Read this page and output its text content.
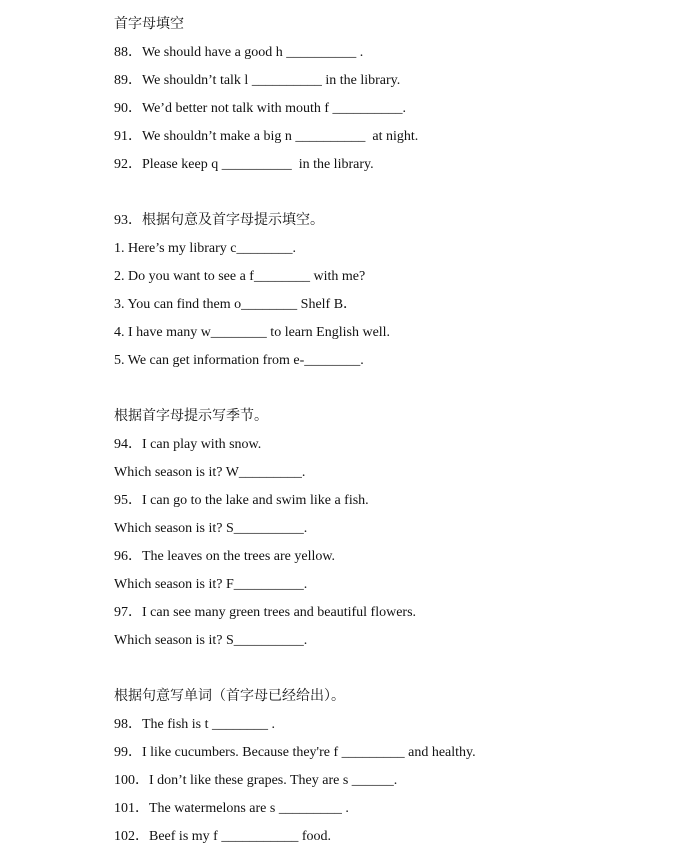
首字母填空
88．We should have a good h __________ .
89．We shouldn’t talk l __________ in the library.
90．We’d better not talk with mouth f __________.
91．We shouldn’t make a big n __________  at night.
92．Please keep q __________  in the library.
93．根据句意及首字母提示填空。
1. Here’s my library c________.
2. Do you want to see a f________ with me?
3. You can find them o________ Shelf B．
4. I have many w________ to learn English well.
5. We can get information from e-________.
根据首字母提示写季节。
94．I can play with snow.
Which season is it? W_________.
95．I can go to the lake and swim like a fish.
Which season is it? S__________.
96．The leaves on the trees are yellow.
Which season is it? F__________.
97．I can see many green trees and beautiful flowers.
Which season is it? S__________.
根据句意写单词（首字母已经给出）。
98．The fish is t ________ .
99．I like cucumbers. Because they're f _________ and healthy.
100．I don’t like these grapes. They are s ______.
101．The watermelons are s _________ .
102．Beef is my f ___________ food.
